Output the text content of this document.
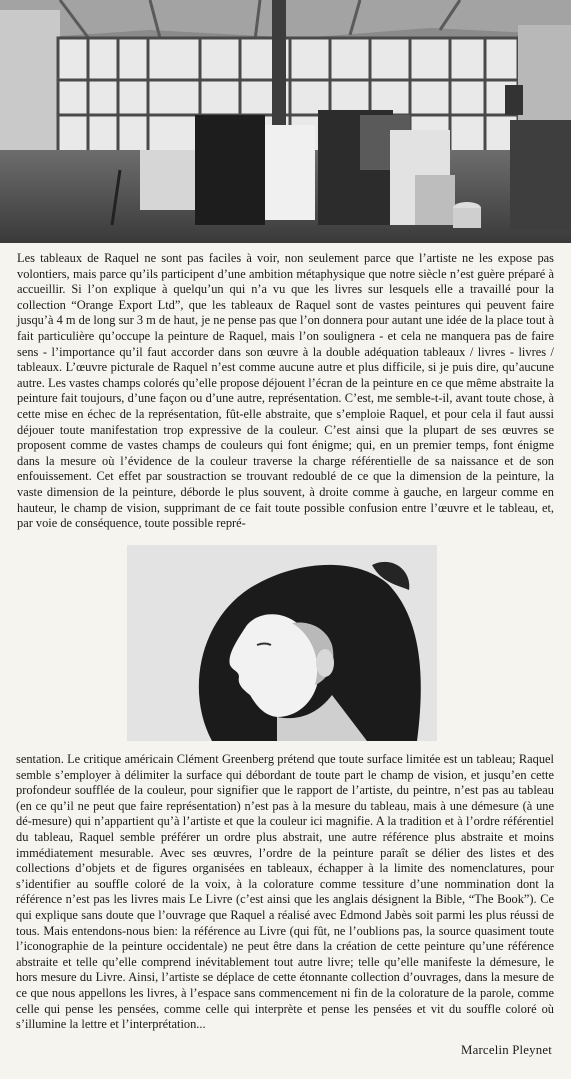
Les tableaux de Raquel ne sont pas faciles à voir, non seulement parce que l’artiste ne les expose pas volontiers, mais parce qu’ils participent d’une ambition métaphysique que notre siècle n’est guère préparé à accueillir. Si l’on explique à quelqu’un qui n’a vu que les livres sur lesquels elle a travaillé pour la collection “Orange Export Ltd”, que les tableaux de Raquel sont de vastes peintures qui peuvent faire jusqu’à 4 m de long sur 3 m de haut, je ne pense pas que l’on donnera pour autant une idée de la place tout à fait particulière qu’occupe la peinture de Raquel, mais l’on soulignera - et cela ne manquera pas de faire sens - l’importance qu’il faut accorder dans son œuvre à la double adéquation tableaux / livres - livres / tableaux. L’œuvre picturale de Raquel n’est comme aucune autre et plus difficile, si je puis dire, qu’aucune autre. Les vastes champs colorés qu’elle propose déjouent l’écran de la peinture en ce que même abstraite la peinture fait toujours, d’une façon ou d’une autre, représentation. C’est, me semble-t-il, avant toute chose, à cette mise en échec de la représentation, fût-elle abstraite, que s’emploie Raquel, et pour cela il faut aussi déjouer toute manifestation trop expressive de la couleur. C’est ainsi que la plupart de ses œuvres se proposent comme de vastes champs de couleurs qui font énigme; qui, en un premier temps, font énigme dans la mesure où l’évidence de la couleur traverse la charge référentielle de sa naissance et de son enfouissement. Cet effet par soustraction se trouvant redoublé de ce que la dimension de la peinture, la vaste dimension de la peinture, déborde le plus souvent, à droite comme à gauche, en largeur comme en hauteur, le champ de vision, supprimant de ce fait toute possible confusion entre l’œuvre et le tableau, et, par voie de conséquence, toute possible repré-
sentation. Le critique américain Clément Greenberg prétend que toute surface limitée est un tableau; Raquel semble s’employer à délimiter la surface qui débordant de toute part le champ de vision, et jusqu’en cette profondeur soufflée de la couleur, pour signifier que le rapport de l’artiste, du peintre, n’est pas au tableau (en ce qu’il ne peut que faire représentation) n’est pas à la mesure du tableau, mais à une démesure (à une dé-mesure) qui n’appartient qu’à l’artiste et que la couleur ici magnifie. A la tradition et à l’ordre référentiel du tableau, Raquel semble préférer un ordre plus abstrait, une autre référence plus abstraite et moins immédiatement mesurable. Avec ses œuvres, l’ordre de la peinture paraît se délier des listes et des collections d’objets et de figures organisées en tableaux, échapper à la limite des nomenclatures, pour s’identifier au souffle coloré de la voix, à la colorature comme tessiture d’une nommination dont la référence n’est pas les livres mais Le Livre (c’est ainsi que les anglais désignent la Bible, “The Book”). Ce qui explique sans doute que l’ouvrage que Raquel a réalisé avec Edmond Jabès soit parmi les plus réussi de tous. Mais entendons-nous bien: la référence au Livre (qui fût, ne l’oublions pas, la source quasiment toute l’iconographie de la peinture occidentale) ne peut être dans la création de cette peinture qu’une référence abstraite et telle qu’elle comprend inévitablement tout autre livre; telle qu’elle manifeste la démesure, le hors mesure du Livre. Ainsi, l’artiste se déplace de cette étonnante collection d’ouvrages, dans la mesure de ce que nous appellons les livres, à l’espace sans commencement ni fin de la colorature de la parole, comme celle qui pense les pensées, comme celle qui interprète et pense les pensées et vit du souffle coloré où s’illumine la lettre et l’interprétation...
Marcelin Pleynet
